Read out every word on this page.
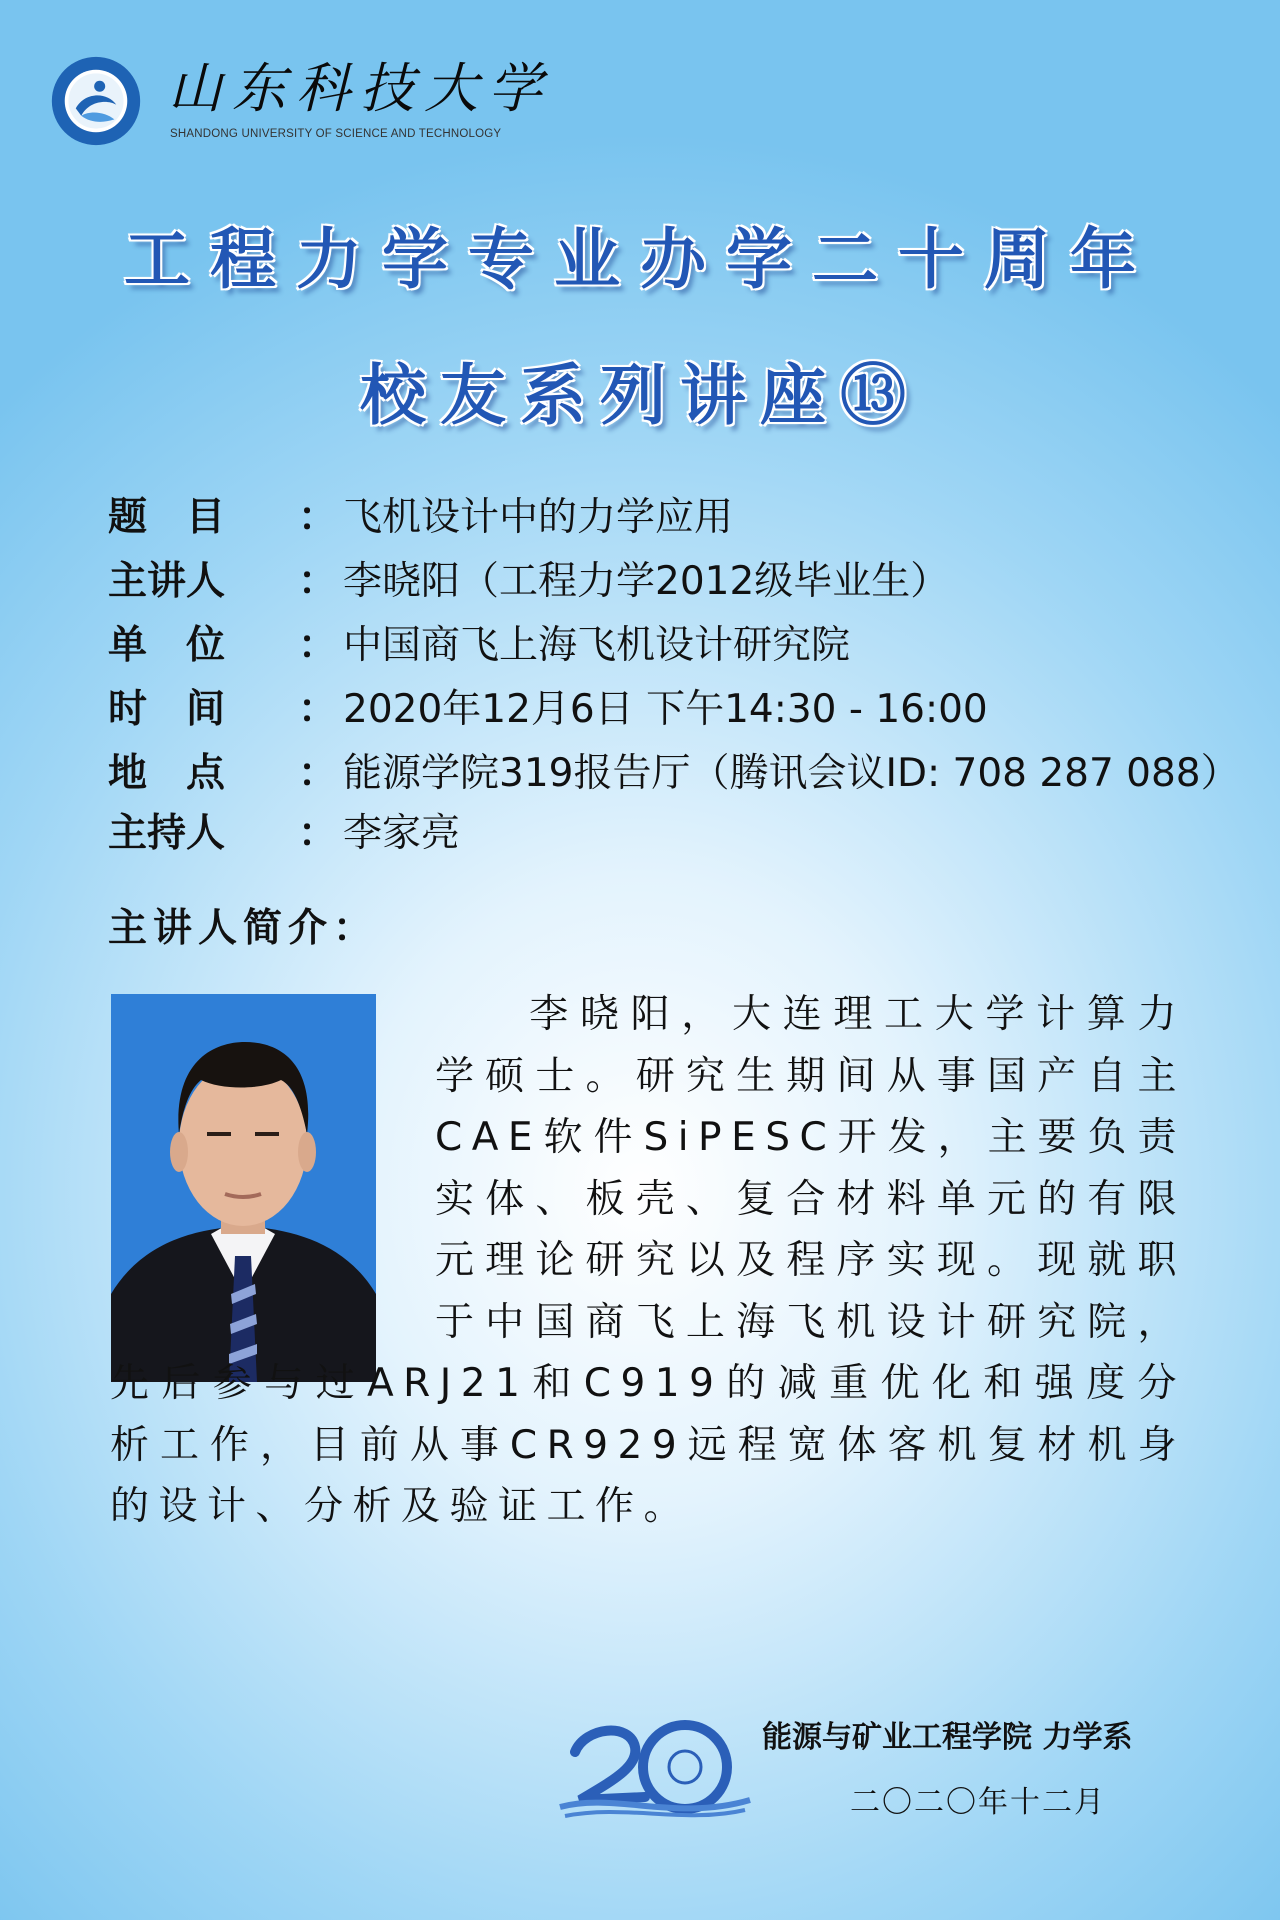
山东科技大学
SHANDONG UNIVERSITY OF SCIENCE AND TECHNOLOGY
工程力学专业办学二十周年
校友系列讲座⑬
题　目 ： 飞机设计中的力学应用
主讲人 ： 李晓阳（工程力学2012级毕业生）
单　位 ： 中国商飞上海飞机设计研究院
时　间 ： 2020年12月6日 下午14:30 - 16:00
地　点 ： 能源学院319报告厅（腾讯会议ID: 708 287 088）
主持人 ： 李家亮
主讲人简介：
李晓阳，大连理工大学计算力学硕士。研究生期间从事国产自主CAE软件SiPESC开发，主要负责实体、板壳、复合材料单元的有限元理论研究以及程序实现。现就职于中国商飞上海飞机设计研究院，先后参与过ARJ21和C919的减重优化和强度分析工作，目前从事CR929远程宽体客机复材机身的设计、分析及验证工作。
能源与矿业工程学院 力学系
二〇二〇年十二月
